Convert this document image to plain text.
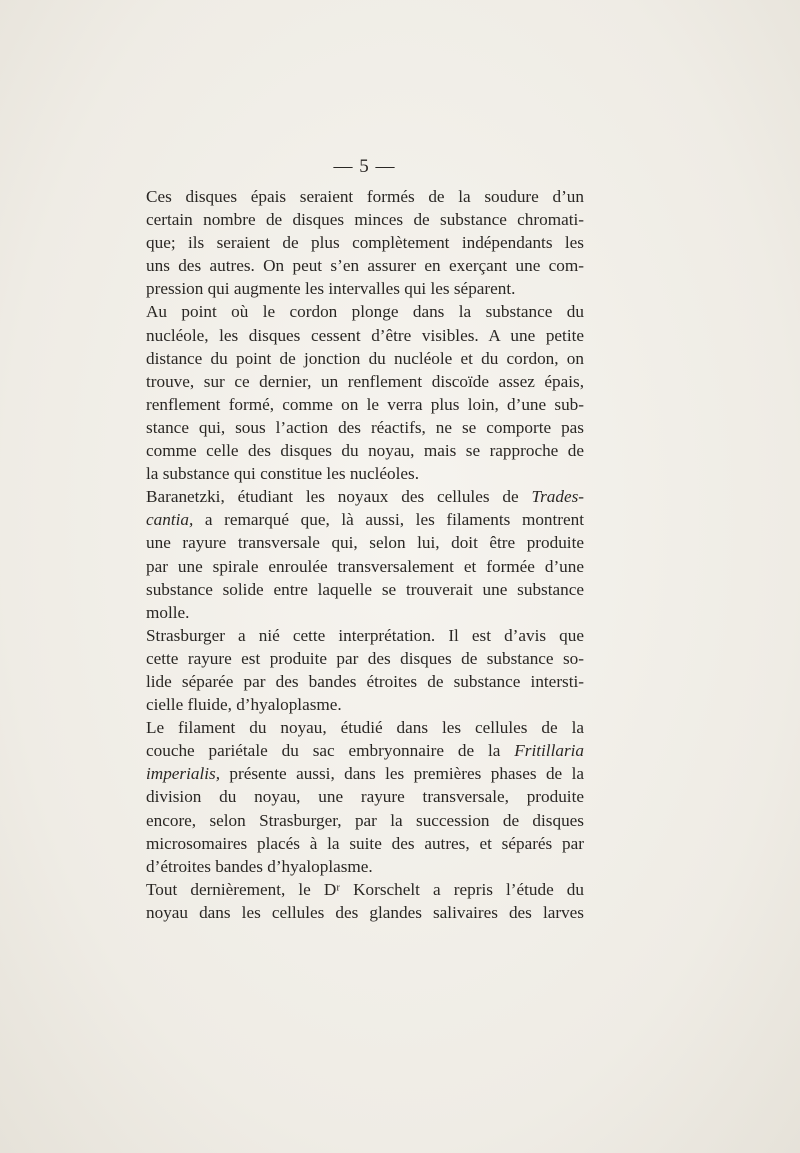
— 5 —
Ces disques épais seraient formés de la soudure d’un
certain nombre de disques minces de substance chromati-
que; ils seraient de plus complètement indépendants les
uns des autres. On peut s’en assurer en exerçant une com-
pression qui augmente les intervalles qui les séparent.
Au point où le cordon plonge dans la substance du
nucléole, les disques cessent d’être visibles. A une petite
distance du point de jonction du nucléole et du cordon, on
trouve, sur ce dernier, un renflement discoïde assez épais,
renflement formé, comme on le verra plus loin, d’une sub-
stance qui, sous l’action des réactifs, ne se comporte pas
comme celle des disques du noyau, mais se rapproche de
la substance qui constitue les nucléoles.
Baranetzki, étudiant les noyaux des cellules de Trades-
cantia, a remarqué que, là aussi, les filaments montrent
une rayure transversale qui, selon lui, doit être produite
par une spirale enroulée transversalement et formée d’une
substance solide entre laquelle se trouverait une substance
molle.
Strasburger a nié cette interprétation. Il est d’avis que
cette rayure est produite par des disques de substance so-
lide séparée par des bandes étroites de substance intersti-
cielle fluide, d’hyaloplasme.
Le filament du noyau, étudié dans les cellules de la
couche pariétale du sac embryonnaire de la Fritillaria
imperialis, présente aussi, dans les premières phases de la
division du noyau, une rayure transversale, produite
encore, selon Strasburger, par la succession de disques
microsomaires placés à la suite des autres, et séparés par
d’étroites bandes d’hyaloplasme.
Tout dernièrement, le Dʳ Korschelt a repris l’étude du
noyau dans les cellules des glandes salivaires des larves
